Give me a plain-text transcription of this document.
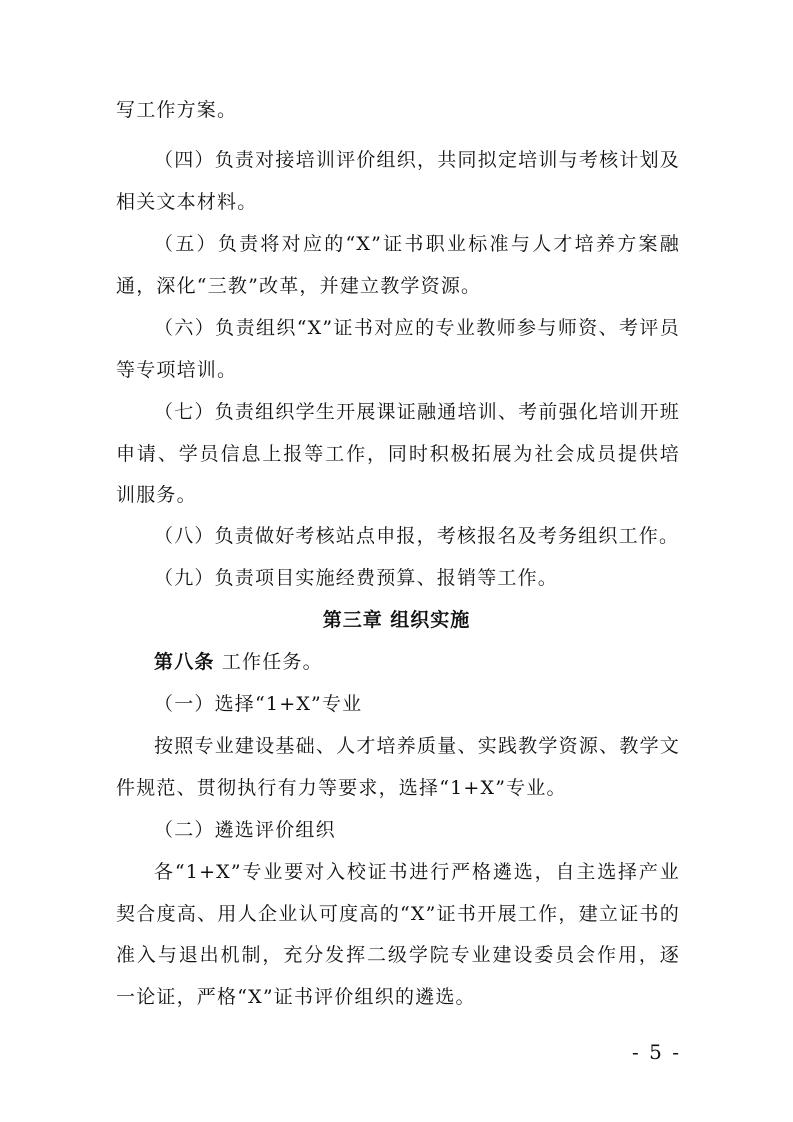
写工作方案。

（四）负责对接培训评价组织，共同拟定培训与考核计划及相关文本材料。

（五）负责将对应的“X”证书职业标准与人才培养方案融通，深化“三教”改革，并建立教学资源。

（六）负责组织“X”证书对应的专业教师参与师资、考评员等专项培训。

（七）负责组织学生开展课证融通培训、考前强化培训开班申请、学员信息上报等工作，同时积极拓展为社会成员提供培训服务。

（八）负责做好考核站点申报，考核报名及考务组织工作。

（九）负责项目实施经费预算、报销等工作。

第三章 组织实施

第八条 工作任务。

（一）选择“1+X”专业

按照专业建设基础、人才培养质量、实践教学资源、教学文件规范、贯彻执行有力等要求，选择“1+X”专业。

（二）遴选评价组织

各“1+X”专业要对入校证书进行严格遴选，自主选择产业契合度高、用人企业认可度高的“X”证书开展工作，建立证书的准入与退出机制，充分发挥二级学院专业建设委员会作用，逐一论证，严格“X”证书评价组织的遴选。

- 5 -
